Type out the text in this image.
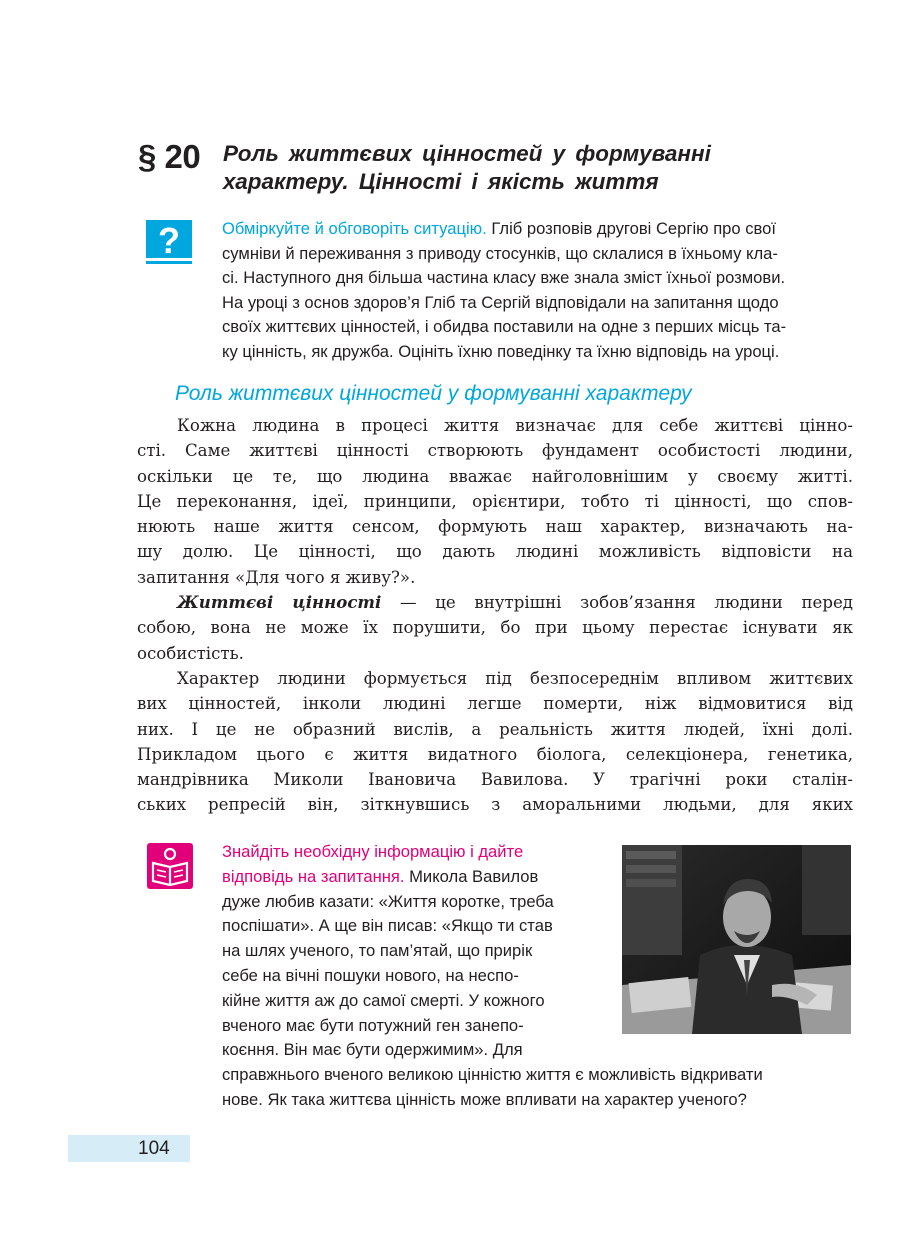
§ 20 Роль життєвих цінностей у формуванні
характеру. Цінності і якість життя
?	Обміркуйте й обговоріть ситуацію. Гліб розповів другові Сергію про свої
сумніви й переживання з приводу стосунків, що склалися в їхньому кла-
сі. Наступного дня більша частина класу вже знала зміст їхньої розмови.
На уроці з основ здоров’я Гліб та Сергій відповідали на запитання щодо
своїх життєвих цінностей, і обидва поставили на одне з перших місць та-
ку цінність, як дружба. Оцініть їхню поведінку та їхню відповідь на уроці.
Роль життєвих цінностей у формуванні характеру
Кожна людина в процесі життя визначає для себе життєві цінно-
сті. Саме життєві цінності створюють фундамент особистості людини,
оскільки це те, що людина вважає найголовнішим у своєму житті.
Це переконання, ідеї, принципи, орієнтири, тобто ті цінності, що спов-
нюють наше життя сенсом, формують наш характер, визначають на-
шу долю. Це цінності, що дають людині можливість відповісти на
запитання «Для чого я живу?».
Життєві цінності — це внутрішні зобов’язання людини перед
собою, вона не може їх порушити, бо при цьому перестає існувати як
особистість.
Характер людини формується під безпосереднім впливом життєвих
вих цінностей, інколи людині легше померти, ніж відмовитися від
них. І це не образний вислів, а реальність життя людей, їхні долі.
Прикладом цього є життя видатного біолога, селекціонера, генетика,
мандрівника Миколи Івановича Вавилова. У трагічні роки сталін-
ських репресій він, зіткнувшись з аморальними людьми, для яких
Знайдіть необхідну інформацію і дайте
відповідь на запитання. Микола Вавилов
дуже любив казати: «Життя коротке, треба
поспішати». А ще він писав: «Якщо ти став
на шлях ученого, то пам’ятай, що прирік
себе на вічні пошуки нового, на неспо-
кійне життя аж до самої смерті. У кожного
вченого має бути потужний ген занепо-
коєння. Він має бути одержимим». Для
справжнього вченого великою цінністю життя є можливість відкривати
нове. Як така життєва цінність може впливати на характер ученого?
104
